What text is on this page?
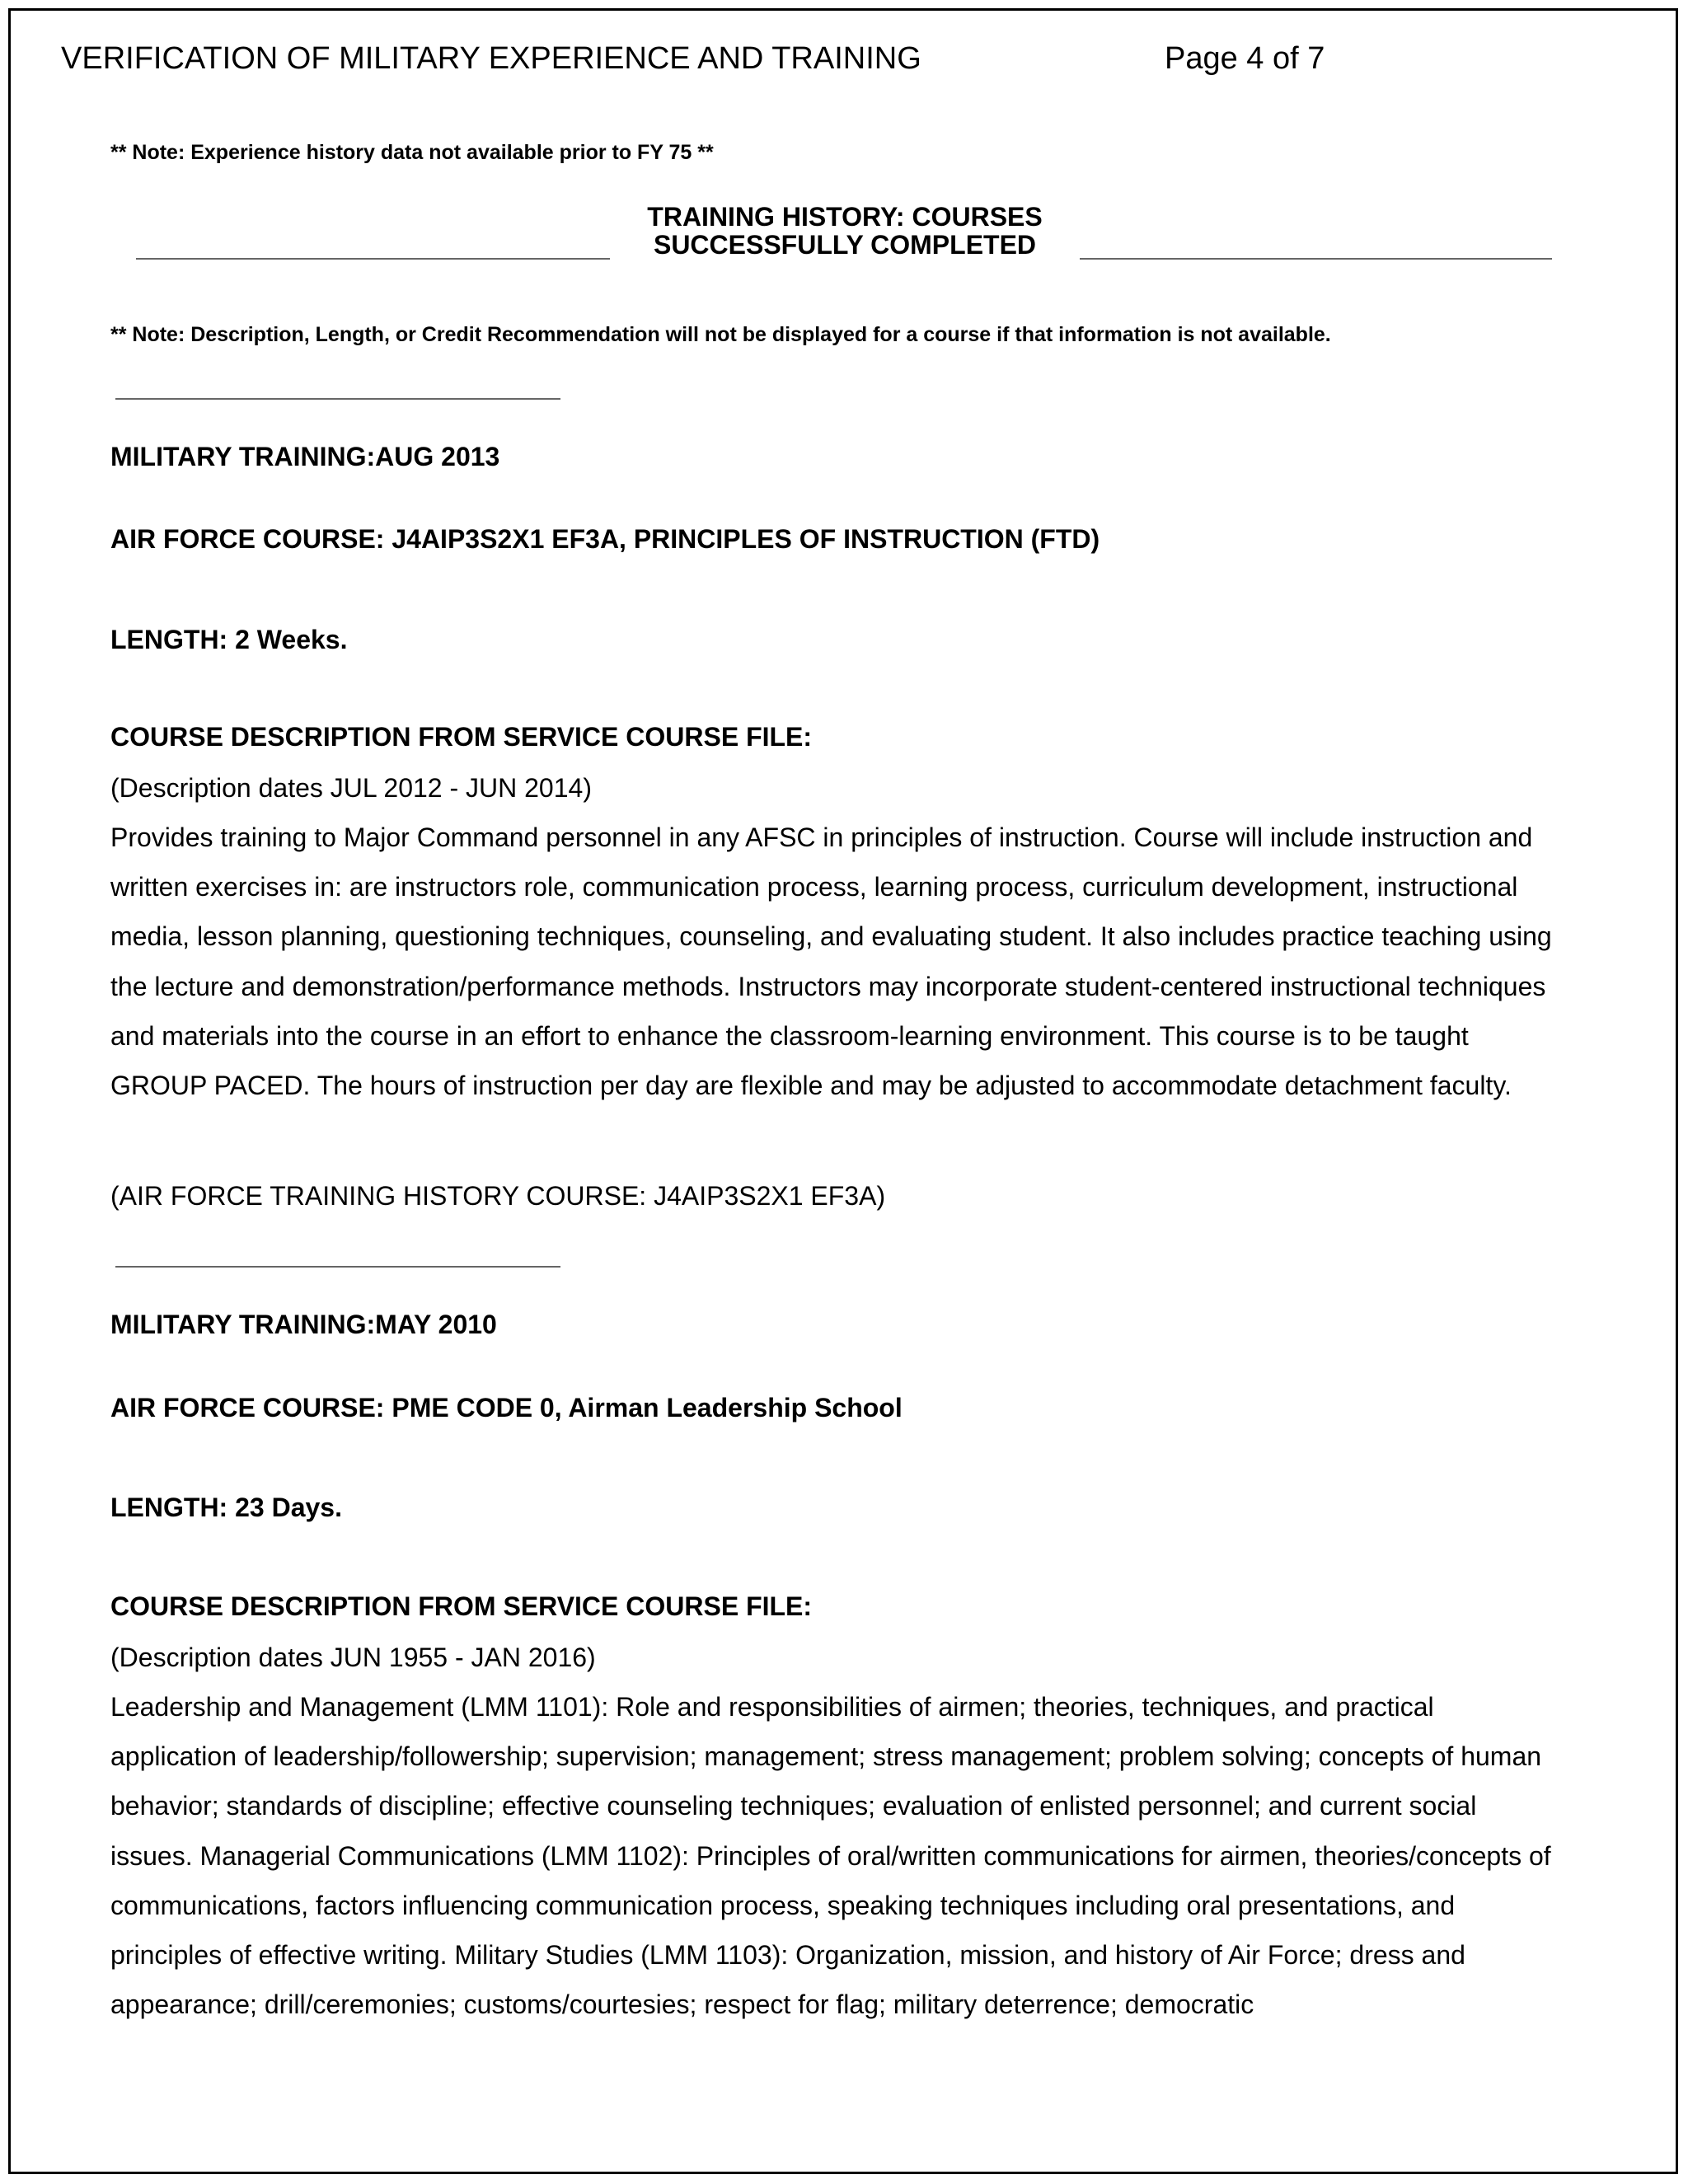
VERIFICATION OF MILITARY EXPERIENCE AND TRAINING	Page 4 of 7
** Note: Experience history data not available prior to FY 75 **
TRAINING HISTORY: COURSES
SUCCESSFULLY COMPLETED
** Note: Description, Length, or Credit Recommendation will not be displayed for a course if that information is not available.
MILITARY TRAINING:AUG 2013
AIR FORCE COURSE: J4AIP3S2X1 EF3A, PRINCIPLES OF INSTRUCTION (FTD)
LENGTH: 2 Weeks.
COURSE DESCRIPTION FROM SERVICE COURSE FILE:
(Description dates JUL 2012 - JUN 2014)
Provides training to Major Command personnel in any AFSC in principles of instruction. Course will include instruction and written exercises in: are instructors role, communication process, learning process, curriculum development, instructional media, lesson planning, questioning techniques, counseling, and evaluating student. It also includes practice teaching using the lecture and demonstration/performance methods. Instructors may incorporate student-centered instructional techniques and materials into the course in an effort to enhance the classroom-learning environment. This course is to be taught GROUP PACED. The hours of instruction per day are flexible and may be adjusted to accommodate detachment faculty.
(AIR FORCE TRAINING HISTORY COURSE: J4AIP3S2X1 EF3A)
MILITARY TRAINING:MAY 2010
AIR FORCE COURSE: PME CODE 0, Airman Leadership School
LENGTH: 23 Days.
COURSE DESCRIPTION FROM SERVICE COURSE FILE:
(Description dates JUN 1955 - JAN 2016)
Leadership and Management (LMM 1101): Role and responsibilities of airmen; theories, techniques, and practical application of leadership/followership; supervision; management; stress management; problem solving; concepts of human behavior; standards of discipline; effective counseling techniques; evaluation of enlisted personnel; and current social issues. Managerial Communications (LMM 1102): Principles of oral/written communications for airmen, theories/concepts of communications, factors influencing communication process, speaking techniques including oral presentations, and principles of effective writing. Military Studies (LMM 1103): Organization, mission, and history of Air Force; dress and appearance; drill/ceremonies; customs/courtesies; respect for flag; military deterrence; democratic
